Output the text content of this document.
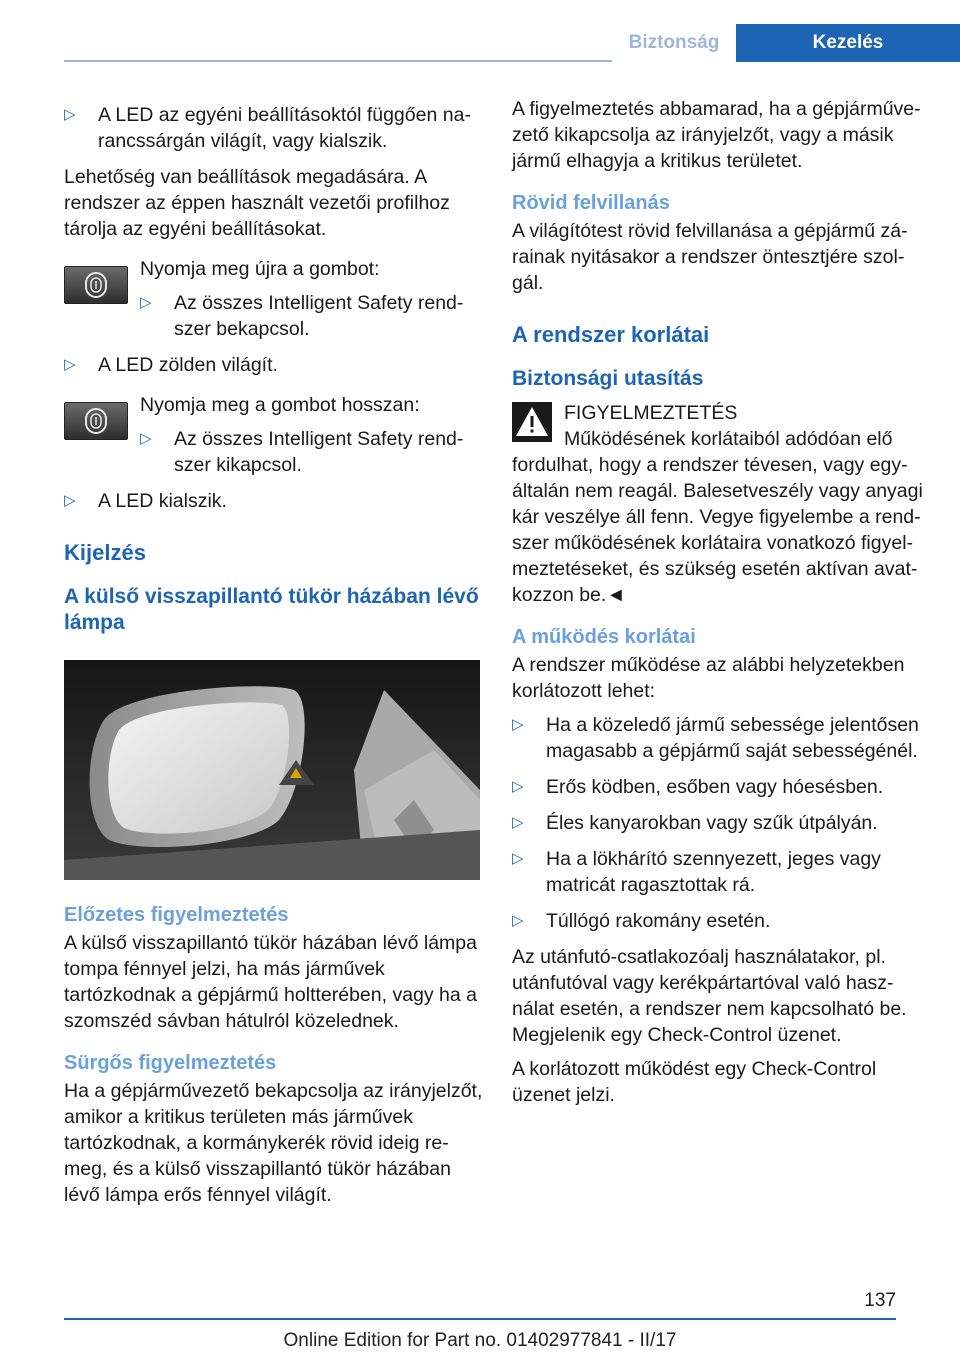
Biztonság	Kezelés
▷ A LED az egyéni beállításoktól függően narancssárgán világít, vagy kialszik.

Lehetőség van beállítások megadására. A rendszer az éppen használt vezetői profilhoz tárolja az egyéni beállításokat.

Nyomja meg újra a gombot:

▷ Az összes Intelligent Safety rendszer bekapcsol.
▷ A LED zölden világít.

Nyomja meg a gombot hosszan:

▷ Az összes Intelligent Safety rendszer kikapcsol.
▷ A LED kialszik.
Kijelzés
A külső visszapillantó tükör házában lévő lámpa
Előzetes figyelmeztetés

A külső visszapillantó tükör házában lévő lámpa tompa fénnyel jelzi, ha más járművek tartózkodnak a gépjármű holtterében, vagy ha a szomszéd sávban hátulról közelednek.

Sürgős figyelmeztetés

Ha a gépjárművezető bekapcsolja az irányjelzőt, amikor a kritikus területen más járművek tartózkodnak, a kormánykerék rövid ideig remeg, és a külső visszapillantó tükör házában lévő lámpa erős fénnyel világít.

A figyelmeztetés abbamarad, ha a gépjárművezető kikapcsolja az irányjelzőt, vagy a másik jármű elhagyja a kritikus területet.

Rövid felvillanás

A világítótest rövid felvillanása a gépjármű zárainak nyitásakor a rendszer öntesztjére szolgál.

A rendszer korlátai
Biztonsági utasítás
FIGYELMEZTETÉS
Működésének korlátaiból adódóan elő

fordulhat, hogy a rendszer tévesen, vagy egyáltalán nem reagál. Balesetveszély vagy anyagi kár veszélye áll fenn. Vegye figyelembe a rendszer működésének korlátaira vonatkozó figyelmeztetéseket, és szükség esetén aktívan avatkozzon be.◄

A működés korlátai

A rendszer működése az alábbi helyzetekben korlátozott lehet:

▷ Ha a közeledő jármű sebessége jelentősen magasabb a gépjármű saját sebességénél.
▷ Erős ködben, esőben vagy hóesésben.
▷ Éles kanyarokban vagy szűk útpályán.
▷ Ha a lökhárító szennyezett, jeges vagy matricát ragasztottak rá.
▷ Túllógó rakomány esetén.

Az utánfutó-csatlakozóalj használatakor, pl. utánfutóval vagy kerékpártartóval való használat esetén, a rendszer nem kapcsolható be. Megjelenik egy Check-Control üzenet.

A korlátozott működést egy Check-Control üzenet jelzi.

137
Online Edition for Part no. 01402977841 - II/17
